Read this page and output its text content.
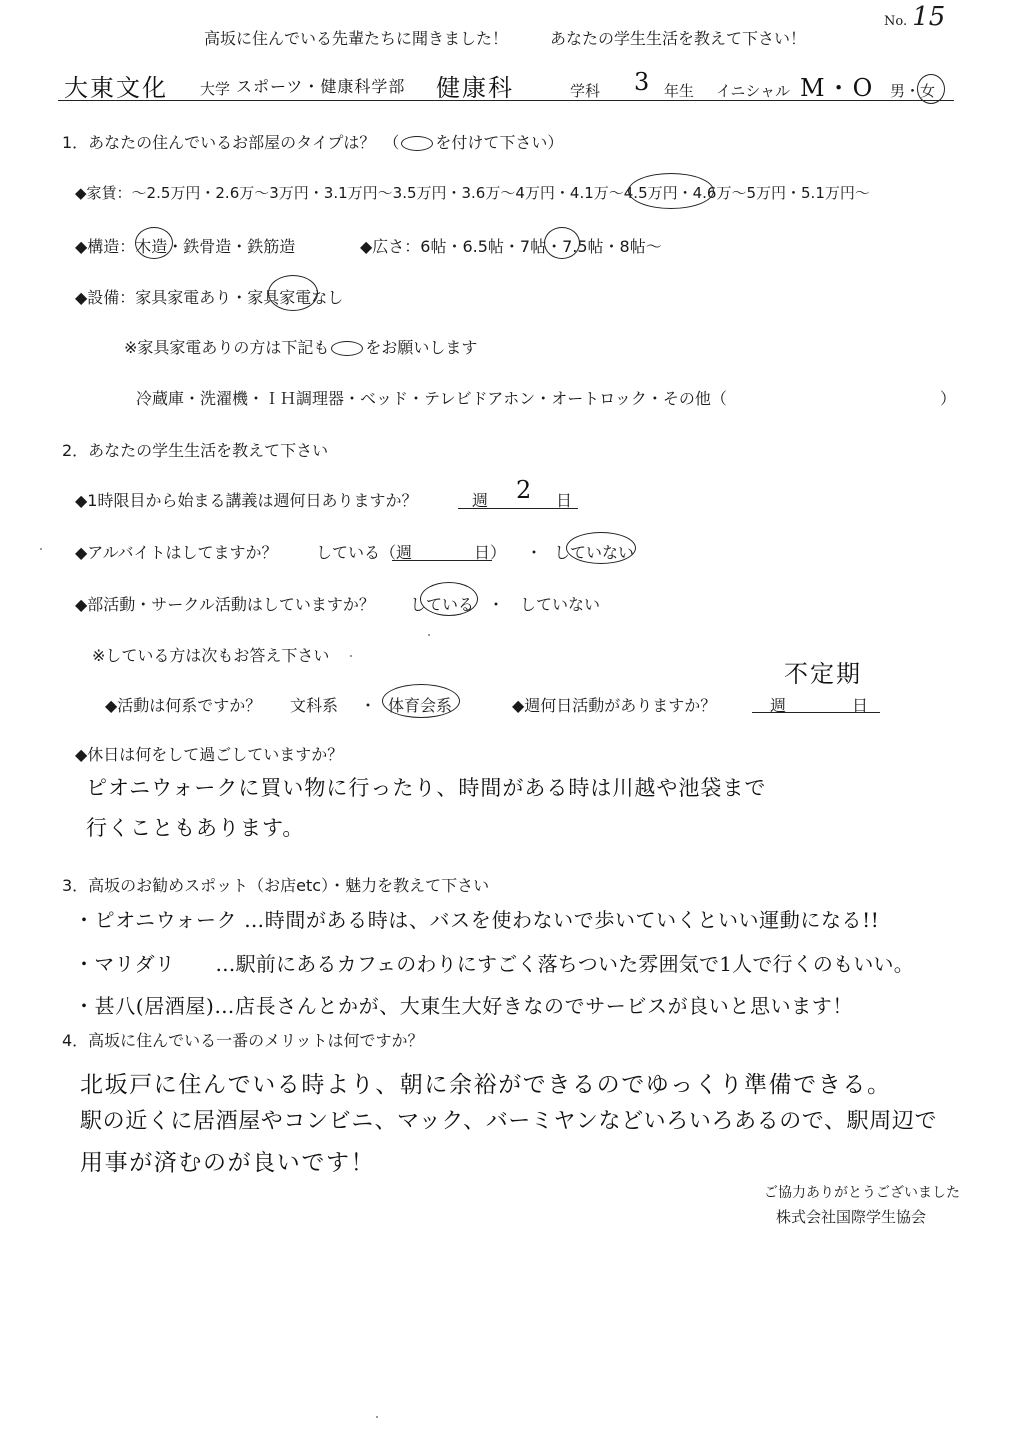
No. 15
高坂に住んでいる先輩たちに聞きました！	あなたの学生生活を教えて下さい！
大東文化 大学 スポーツ・健康科学部 健康科	学科 3 年生 イニシャル M・O 男・女
1．あなたの住んでいるお部屋のタイプは？　（ を付けて下さい）
◆家賃：～2.5万円・2.6万～3万円・3.1万円～3.5万円・3.6万～4万円・4.1万～4.5万円・4.6万～5万円・5.1万円～
◆構造：木造・鉄骨造・鉄筋造	◆広さ：6帖・6.5帖・7帖・7.5帖・8帖～
◆設備：家具家電あり・家具家電なし
※家具家電ありの方は下記も をお願いします
冷蔵庫・洗濯機・ＩＨ調理器・ベッド・テレビドアホン・オートロック・その他（	）
2．あなたの学生生活を教えて下さい
◆1時限目から始まる講義は週何日ありますか？	週 2 日
◆アルバイトはしてますか？ している（週	日） ・ していない
◆部活動・サークル活動はしていますか？ している ・ していない
※している方は次もお答え下さい
不定期
◆活動は何系ですか？ 文科系 ・ 体育会系	◆週何日活動がありますか？	週	日
◆休日は何をして過ごしていますか？
ピオニウォークに買い物に行ったり、時間がある時は川越や池袋まで
行くこともあります。
3．高坂のお勧めスポット（お店etc）・魅力を教えて下さい
・ピオニウォーク …時間がある時は、バスを使わないで歩いていくといい運動になる!!
・マリダリ　　…駅前にあるカフェのわりにすごく落ちついた雰囲気で1人で行くのもいい。
・甚八(居酒屋)…店長さんとかが、大東生大好きなのでサービスが良いと思います！
4．高坂に住んでいる一番のメリットは何ですか？
北坂戸に住んでいる時より、朝に余裕ができるのでゆっくり準備できる。
駅の近くに居酒屋やコンビニ、マック、バーミヤンなどいろいろあるので、駅周辺で
用事が済むのが良いです！
ご協力ありがとうございました
株式会社国際学生協会
